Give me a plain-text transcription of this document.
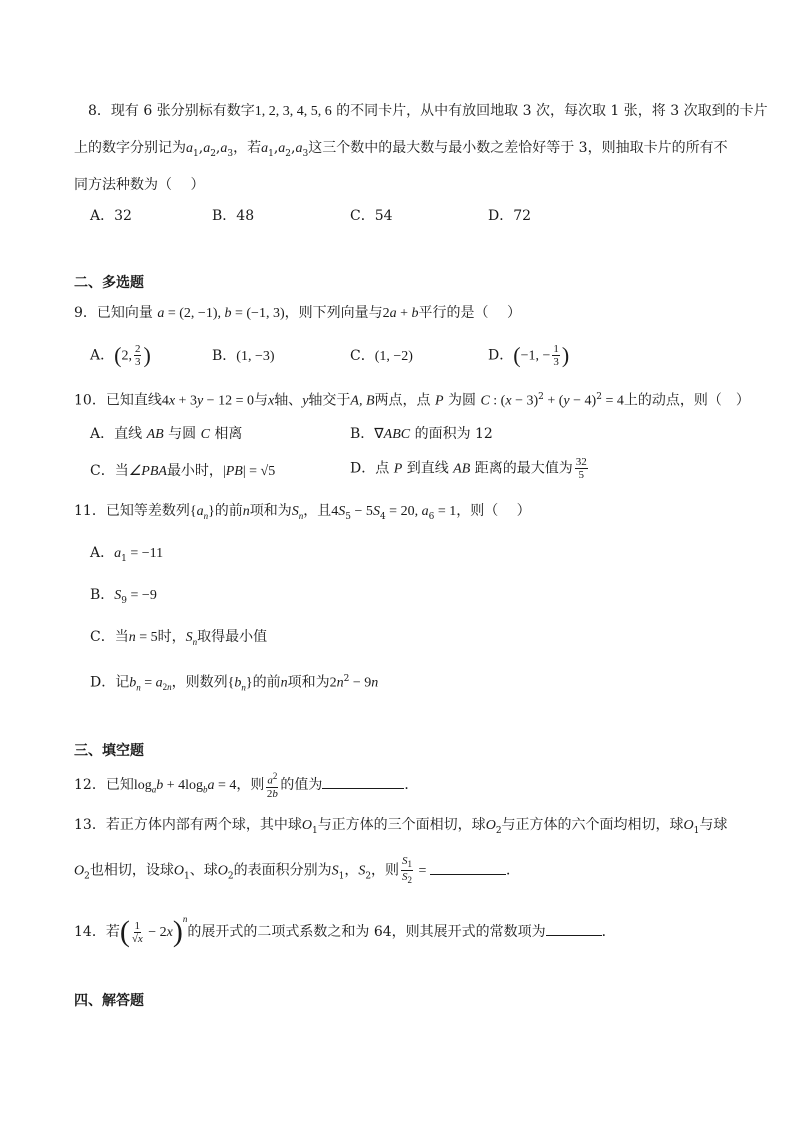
8．现有 6 张分别标有数字1, 2, 3, 4, 5, 6 的不同卡片，从中有放回地取 3 次，每次取 1 张，将 3 次取到的卡片
上的数字分别记为$a_1,a_2,a_3$，若$a_1,a_2,a_3$这三个数中的最大数与最小数之差恰好等于 3，则抽取卡片的所有不
同方法种数为（　 ）
A．32	B．48	C．54	D．72
二、多选题
9．已知向量 a = (2, −1), b = (−1, 3)，则下列向量与2a + b平行的是（　 ）
A．(2, $\frac{2}{3}$ )	B．(1, −3)	C．(1, −2)	D．(−1, − $\frac{1}{3}$ )
10．已知直线4x + 3y − 12 = 0与x轴、y轴交于A, B两点，点 P 为圆 C : $(x - 3)^2 + (y - 4)^2 = 4$上的动点，则（　）
A．直线 AB 与圆 C 相离	B．∇ABC 的面积为 12
C．当∠PBA最小时，|PB| = √5	D．点 P 到直线 AB 距离的最大值为 $\frac{32}{5}$
11．已知等差数列$\{a_n\}$的前n项和为$S_n$，且$4S_5 - 5S_4 = 20$, $a_6 = 1$，则（　 ）
A．$a_1 = -11$
B．$S_9 = -9$
C．当n = 5时，$S_n$取得最小值
D．记$b_n = a_{2n}$，则数列$\{b_n\}$的前n项和为$2n^2 - 9n$
三、填空题
12．已知$\log_ab + 4\log_ba = 4$，则 $\frac{a^2}{2b}$ 的值为	．
13．若正方体内部有两个球，其中球$O_1$与正方体的三个面相切，球$O_2$与正方体的六个面均相切，球$O_1$与球
$O_2$也相切，设球$O_1$、球$O_2$的表面积分别为$S_1$，$S_2$，则 $\frac{S_1}{S_2}$ =	．
14．若( $\frac{1}{√x} - 2x)^n$的展开式的二项式系数之和为 64，则其展开式的常数项为	．
四、解答题
